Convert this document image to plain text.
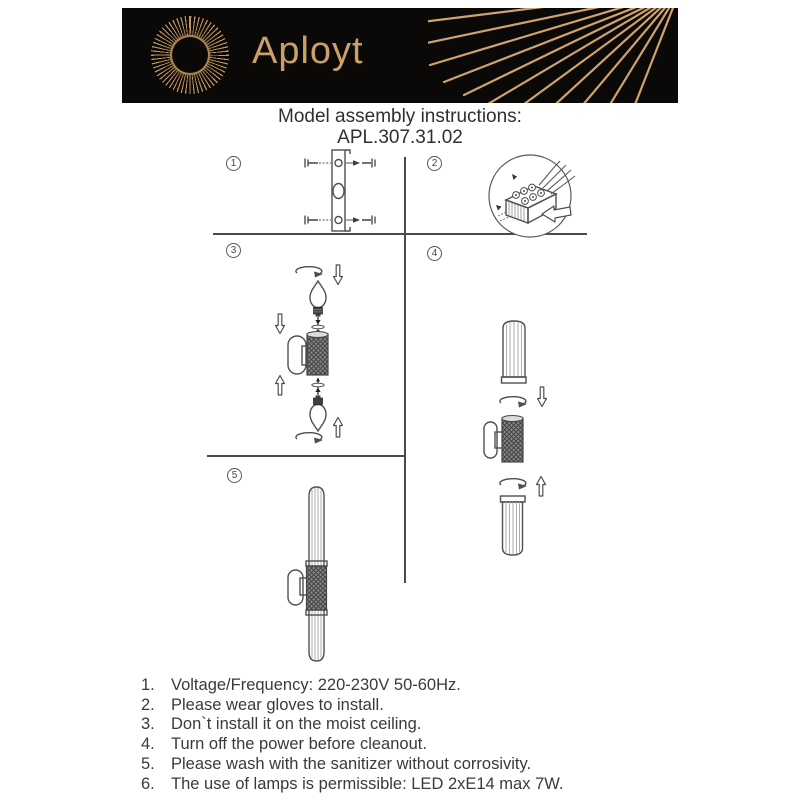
Aployt
Model assembly instructions:
APL.307.31.02
1	2
3	4
5
1. Voltage/Frequency: 220-230V 50-60Hz.
2. Please wear gloves to install.
3. Don`t install it on the moist ceiling.
4. Turn off the power before cleanout.
5. Please wash with the sanitizer without corrosivity.
6. The use of lamps is permissible: LED 2xE14 max 7W.
